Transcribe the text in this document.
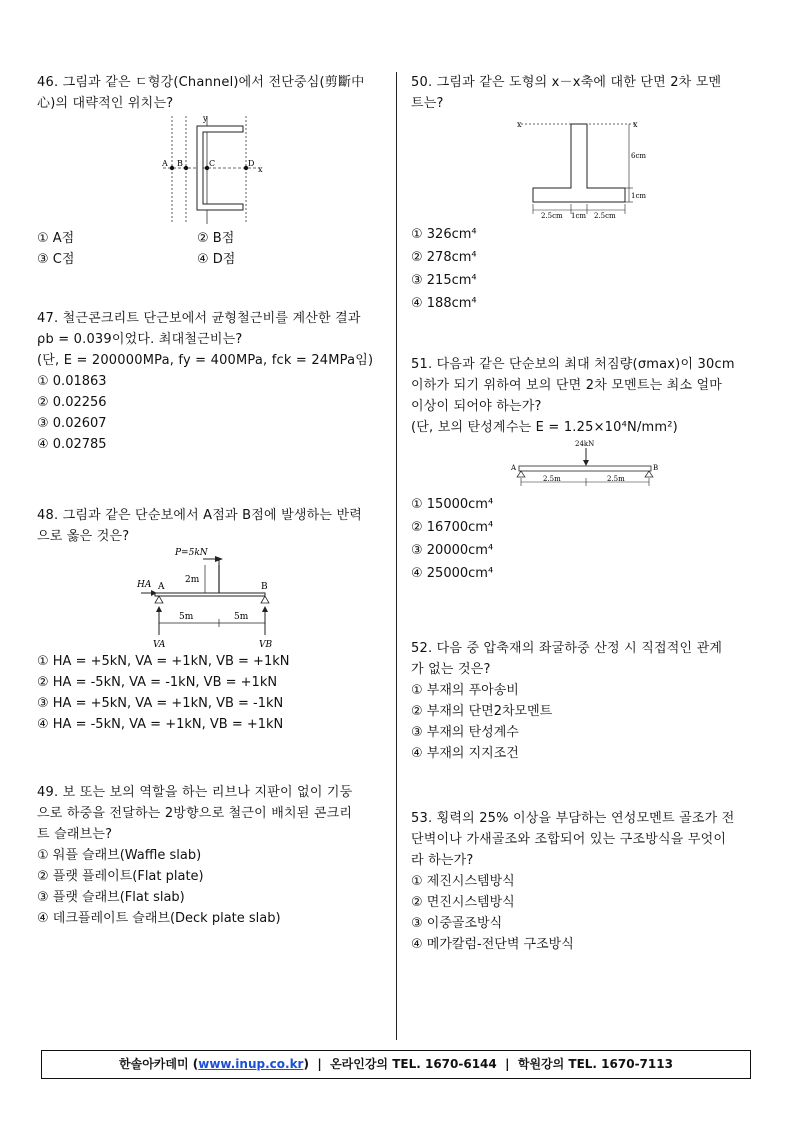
46. 그림과 같은 ㄷ형강(Channel)에서 전단중심(剪斷中

心)의 대략적인 위치는?

y
x
A B	C	D
① A점	② B점
③ C점	④ D점

47. 철근콘크리트 단근보에서 균형철근비를 계산한 결과

ρb = 0.039이었다. 최대철근비는?

(단, E = 200000MPa, fy = 400MPa, fck = 24MPa임)

① 0.01863
② 0.02256
③ 0.02607
④ 0.02785

48. 그림과 같은 단순보에서 A점과 B점에 발생하는 반력

으로 옳은 것은?

P=5kN
2m
HA A	B
5m	5m
VA	VB
① HA = +5kN, VA = +1kN, VB = +1kN
② HA = -5kN, VA = -1kN, VB = +1kN
③ HA = +5kN, VA = +1kN, VB = -1kN
④ HA = -5kN, VA = +1kN, VB = +1kN

49. 보 또는 보의 역할을 하는 리브나 지판이 없이 기둥

으로 하중을 전달하는 2방향으로 철근이 배치된 콘크리

트 슬래브는?

① 워플 슬래브(Waffle slab)
② 플랫 플레이트(Flat plate)
③ 플랫 슬래브(Flat slab)
④ 데크플레이트 슬래브(Deck plate slab)

50. 그림과 같은 도형의 x－x축에 대한 단면 2차 모멘

트는?

x	x
6cm
1cm
2.5cm 1cm 2.5cm
① 326cm⁴
② 278cm⁴
③ 215cm⁴
④ 188cm⁴

51. 다음과 같은 단순보의 최대 처짐량(σmax)이 30cm

이하가 되기 위하여 보의 단면 2차 모멘트는 최소 얼마

이상이 되어야 하는가?

(단, 보의 탄성계수는 E = 1.25×10⁴N/mm²)

24kN
A	B
2.5m	2.5m
① 15000cm⁴
② 16700cm⁴
③ 20000cm⁴
④ 25000cm⁴

52. 다음 중 압축재의 좌굴하중 산정 시 직접적인 관계

가 없는 것은?

① 부재의 푸아송비
② 부재의 단면2차모멘트
③ 부재의 탄성계수
④ 부재의 지지조건

53. 횡력의 25% 이상을 부담하는 연성모멘트 골조가 전

단벽이나 가새골조와 조합되어 있는 구조방식을 무엇이

라 하는가?

① 제진시스템방식
② 면진시스템방식
③ 이중골조방식
④ 메가칼럼-전단벽 구조방식
한솔아카데미 (www.inup.co.kr) | 온라인강의 TEL. 1670-6144 | 학원강의 TEL. 1670-7113
